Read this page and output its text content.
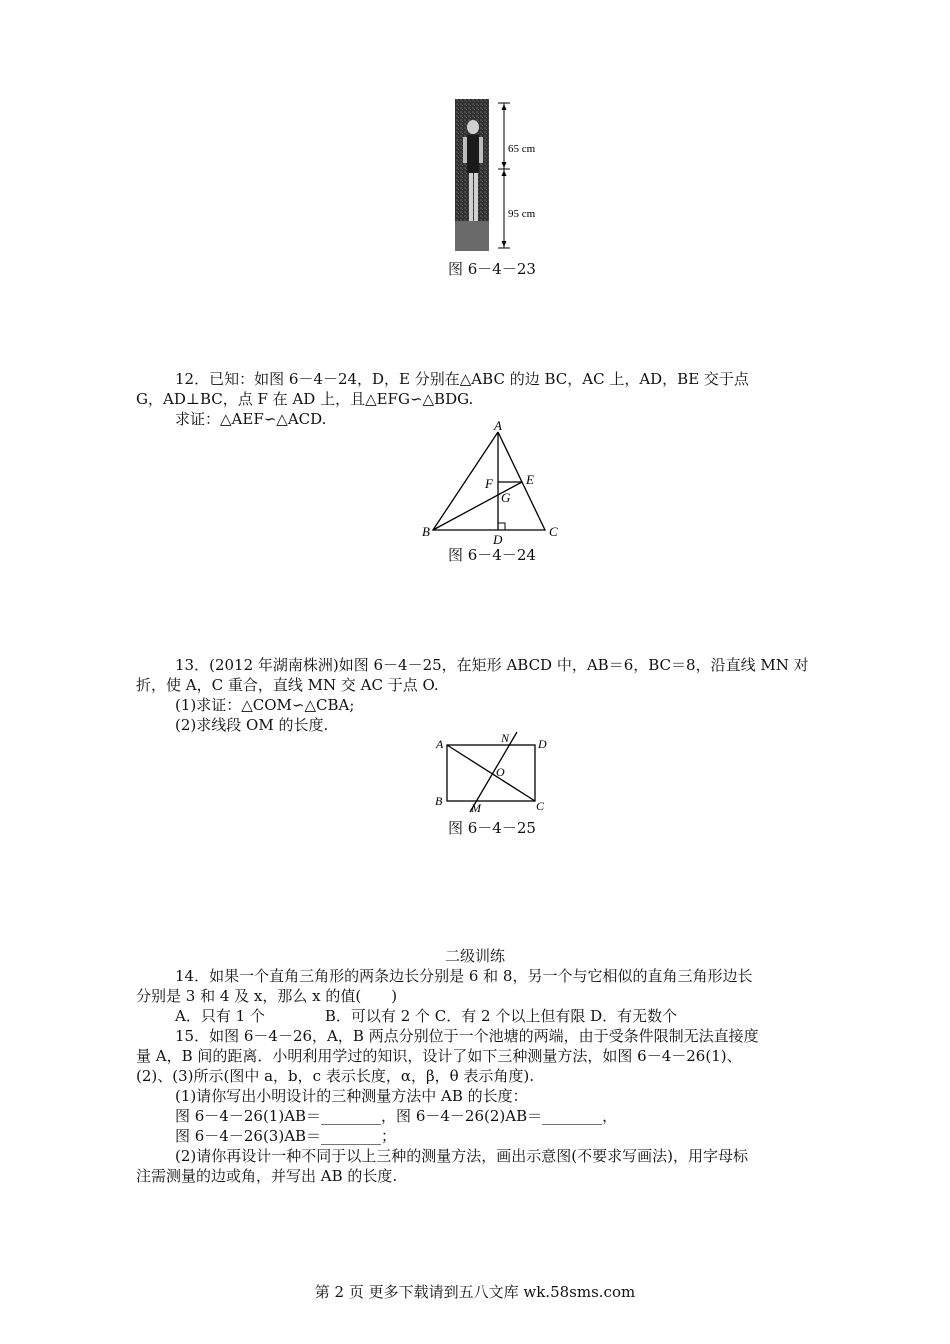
65 cm
95 cm
图 6－4－23
12．已知：如图 6－4－24，D，E 分别在△ABC 的边 BC，AC 上，AD，BE 交于点
G，AD⊥BC，点 F 在 AD 上，且△EFG∽△BDG.
求证：△AEF∽△ACD.	A
B	C
D
E
F
G
图 6－4－24
13．(2012 年湖南株洲)如图 6－4－25，在矩形 ABCD 中，AB＝6，BC＝8，沿直线 MN 对
折，使 A，C 重合，直线 MN 交 AC 于点 O.
(1)求证：△COM∽△CBA;
(2)求线段 OM 的长度.
A
B	C
D
N
M
O
图 6－4－25
二级训练
14．如果一个直角三角形的两条边长分别是 6 和 8，另一个与它相似的直角三角形边长
分别是 3 和 4 及 x，那么 x 的值(　　)
A．只有 1 个　　　　B．可以有 2 个 C．有 2 个以上但有限 D．有无数个
15．如图 6－4－26，A，B 两点分别位于一个池塘的两端，由于受条件限制无法直接度
量 A，B 间的距离．小明利用学过的知识，设计了如下三种测量方法，如图 6－4－26(1)、
(2)、(3)所示(图中 a，b，c 表示长度，α，β，θ 表示角度).
(1)请你写出小明设计的三种测量方法中 AB 的长度：
图 6－4－26(1)AB＝________，图 6－4－26(2)AB＝________，
图 6－4－26(3)AB＝________；
(2)请你再设计一种不同于以上三种的测量方法，画出示意图(不要求写画法)，用字母标
注需测量的边或角，并写出 AB 的长度.
第 2 页 更多下载请到五八文库 wk.58sms.com
